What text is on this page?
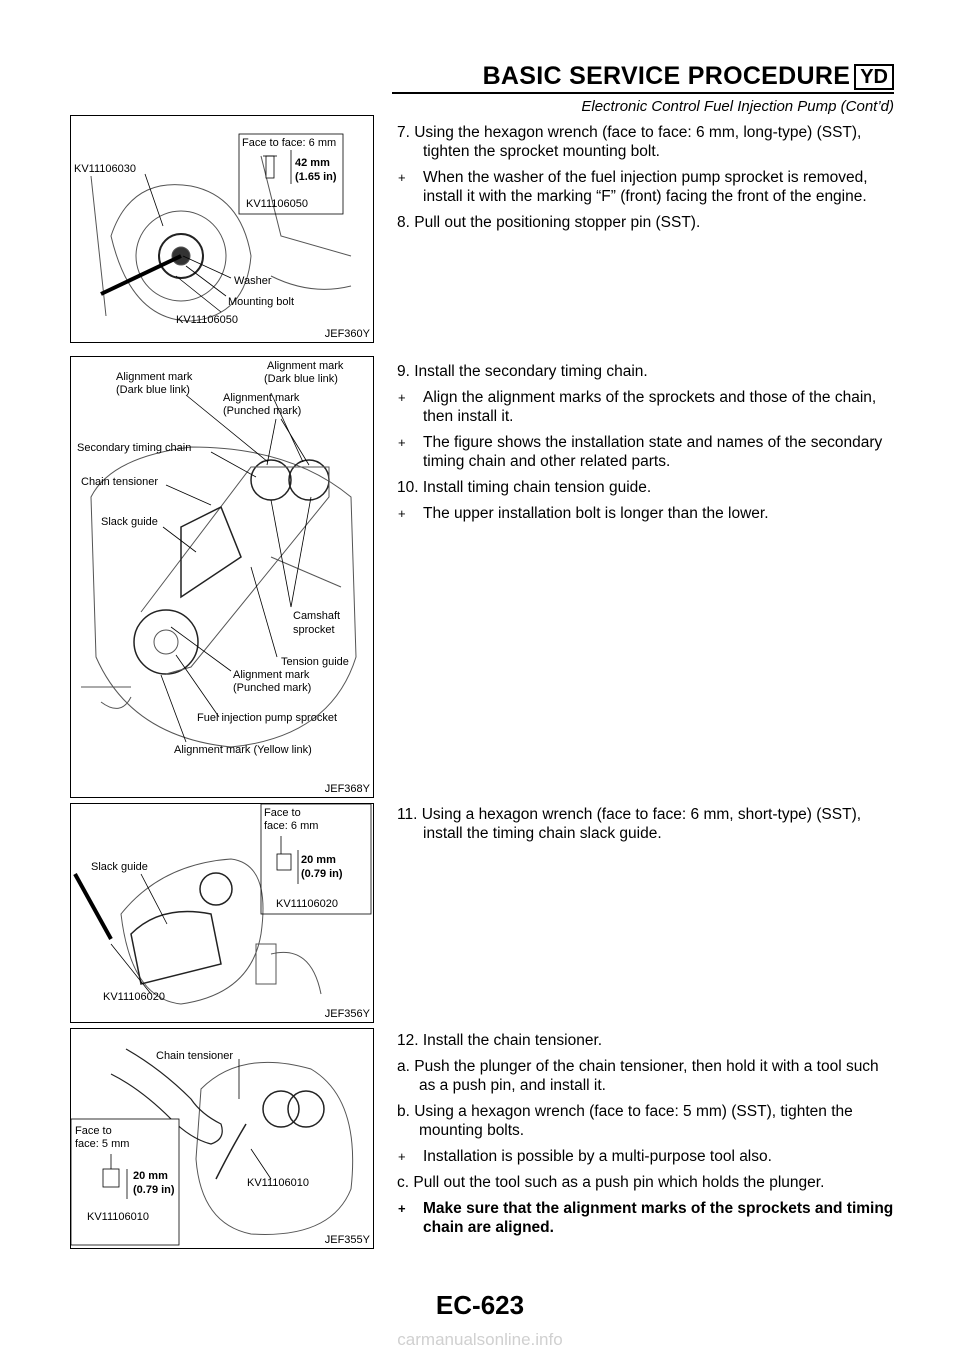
BASIC SERVICE PROCEDURE YD
Electronic Control Fuel Injection Pump (Cont’d)
Face to face: 6 mm
42 mm
(1.65 in)
KV11106030
KV11106050
Washer
Mounting bolt
KV11106050
JEF360Y
Alignment mark
(Dark blue link)
Alignment mark
(Dark blue link)
Alignment mark
(Punched mark)
Secondary timing chain
Chain tensioner
Slack guide
Camshaft
sprocket
Tension guide
Alignment mark
(Punched mark)
Fuel injection pump sprocket
Alignment mark (Yellow link)
JEF368Y
Face to
face: 6 mm
20 mm
(0.79 in)
KV11106020
Slack guide
KV11106020
JEF356Y
Chain tensioner
Face to
face: 5 mm
20 mm
(0.79 in)
KV11106010
KV11106010
JEF355Y

7. Using the hexagon wrench (face to face: 6 mm, long-type) (SST), tighten the sprocket mounting bolt.

+ When the washer of the fuel injection pump sprocket is removed, install it with the marking “F” (front) facing the front of the engine.

8. Pull out the positioning stopper pin (SST).

9. Install the secondary timing chain.

+ Align the alignment marks of the sprockets and those of the chain, then install it.

+ The figure shows the installation state and names of the secondary timing chain and other related parts.

10. Install timing chain tension guide.

+ The upper installation bolt is longer than the lower.

11. Using a hexagon wrench (face to face: 6 mm, short-type) (SST), install the timing chain slack guide.

12. Install the chain tensioner.

a. Push the plunger of the chain tensioner, then hold it with a tool such as a push pin, and install it.

b. Using a hexagon wrench (face to face: 5 mm) (SST), tighten the mounting bolts.

+ Installation is possible by a multi-purpose tool also.

c. Pull out the tool such as a push pin which holds the plunger.

+ Make sure that the alignment marks of the sprockets and timing chain are aligned.

EC-623
carmanualsonline.info
